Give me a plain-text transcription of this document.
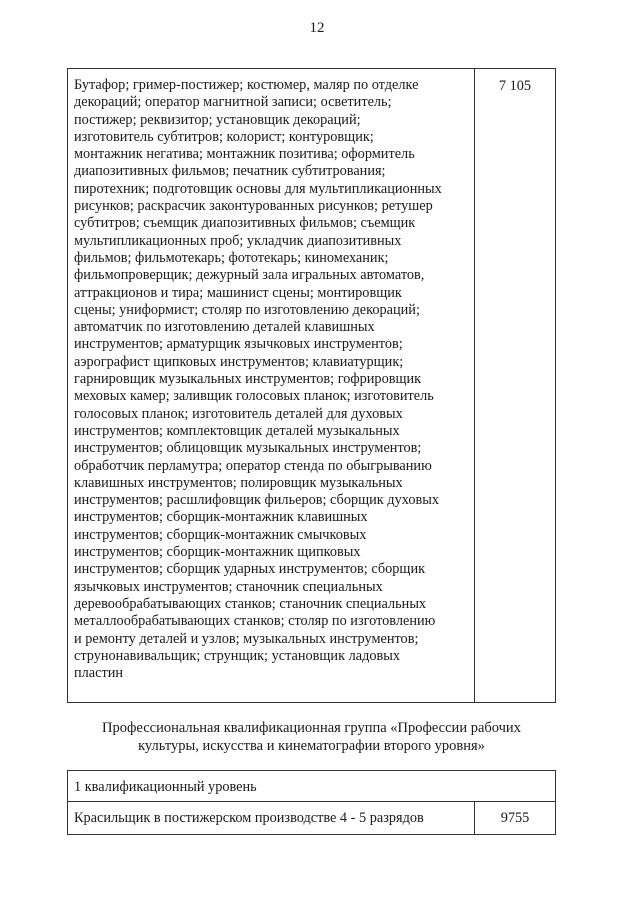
12
Бутафор; гример-постижер; костюмер, маляр по отделке
декораций; оператор магнитной записи; осветитель;
постижер; реквизитор; установщик декораций;
изготовитель субтитров; колорист; контуровщик;
монтажник негатива; монтажник позитива; оформитель
диапозитивных фильмов; печатник субтитрования;
пиротехник; подготовщик основы для мультипликационных
рисунков; раскрасчик законтурованных рисунков; ретушер
субтитров; съемщик диапозитивных фильмов; съемщик
мультипликационных проб; укладчик диапозитивных
фильмов; фильмотекарь; фототекарь; киномеханик;
фильмопроверщик; дежурный зала игральных автоматов,
аттракционов и тира; машинист сцены; монтировщик
сцены; униформист; столяр по изготовлению декораций;
автоматчик по изготовлению деталей клавишных
инструментов; арматурщик язычковых инструментов;
аэрографист щипковых инструментов; клавиатурщик;
гарнировщик музыкальных инструментов; гофрировщик
меховых камер; заливщик голосовых планок; изготовитель
голосовых планок; изготовитель деталей для духовых
инструментов; комплектовщик деталей музыкальных
инструментов; облицовщик музыкальных инструментов;
обработчик перламутра; оператор стенда по обыгрыванию
клавишных инструментов; полировщик музыкальных
инструментов; расшлифовщик фильеров; сборщик духовых
инструментов; сборщик-монтажник клавишных
инструментов; сборщик-монтажник смычковых
инструментов; сборщик-монтажник щипковых
инструментов; сборщик ударных инструментов; сборщик
язычковых инструментов; станочник специальных
деревообрабатывающих станков; станочник специальных
металлообрабатывающих станков; столяр по изготовлению
и ремонту деталей и узлов; музыкальных инструментов;
струнонавивальщик; струнщик; установщик ладовых
пластин
7 105
Профессиональная квалификационная группа «Профессии рабочих
культуры, искусства и кинематографии второго уровня»
1 квалификационный уровень
Красильщик в постижерском производстве 4 - 5 разрядов	9755
